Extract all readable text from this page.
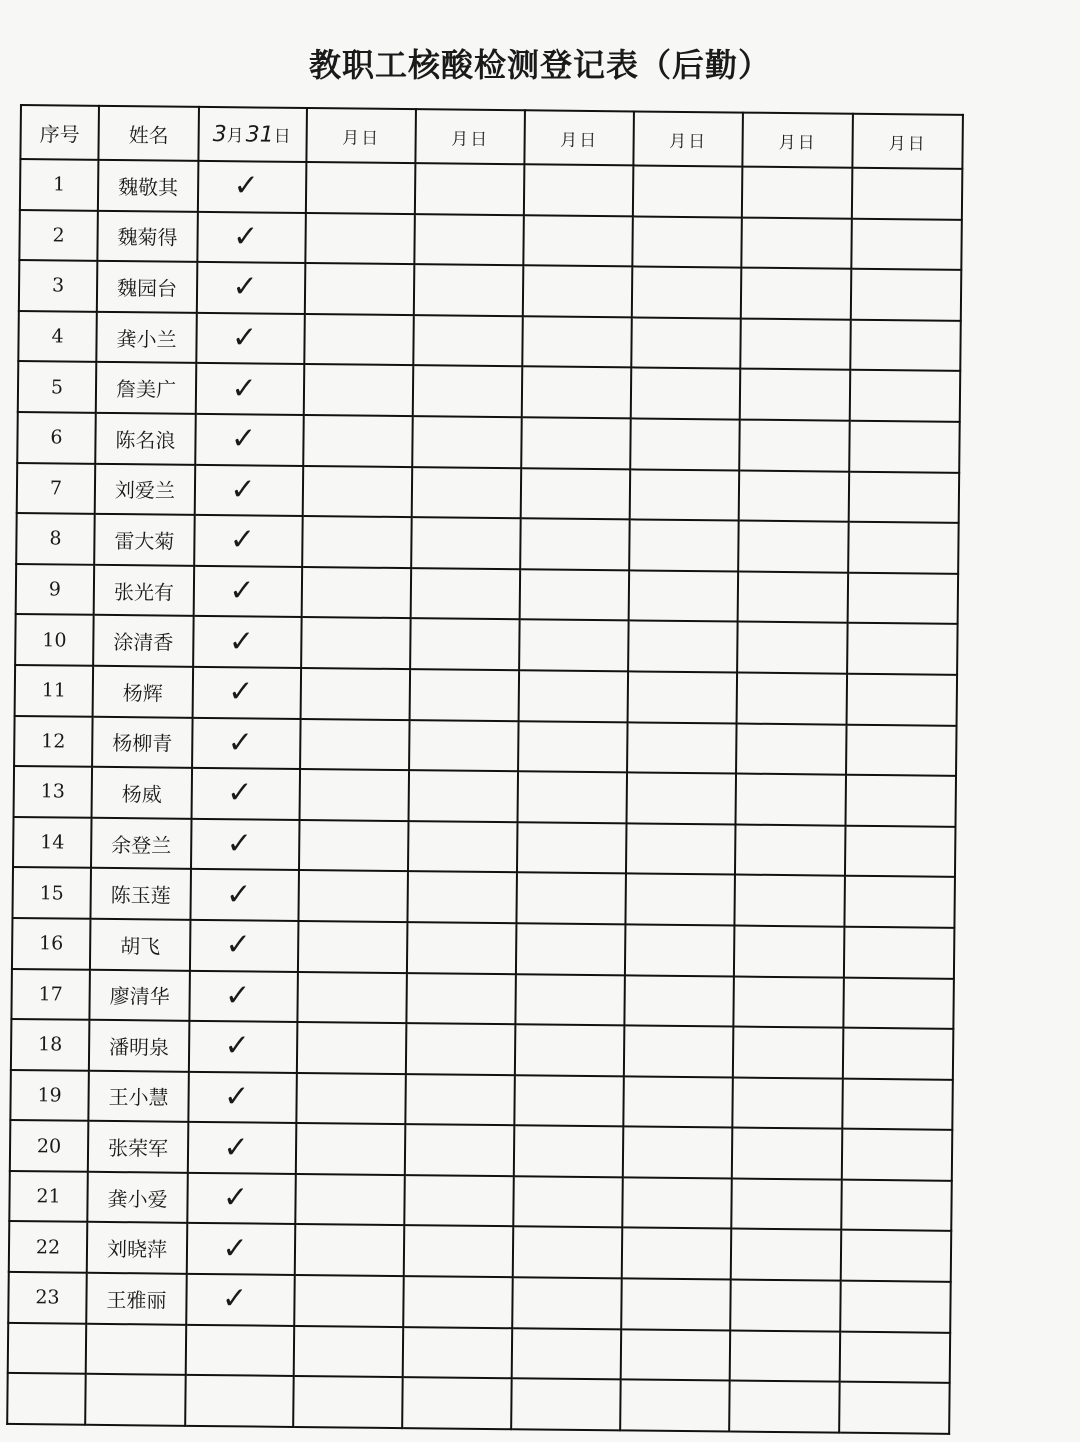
教职工核酸检测登记表（后勤）
序号	姓名	3月31日	月日	月日	月日	月日	月日	月日
1	魏敬其	✓						
2	魏菊得	✓						
3	魏园台	✓						
4	龚小兰	✓						
5	詹美广	✓						
6	陈名浪	✓						
7	刘爱兰	✓						
8	雷大菊	✓						
9	张光有	✓						
10	涂清香	✓						
11	杨辉	✓						
12	杨柳青	✓						
13	杨威	✓						
14	余登兰	✓						
15	陈玉莲	✓						
16	胡飞	✓						
17	廖清华	✓						
18	潘明泉	✓						
19	王小慧	✓						
20	张荣军	✓						
21	龚小爱	✓						
22	刘晓萍	✓						
23	王雅丽	✓						
